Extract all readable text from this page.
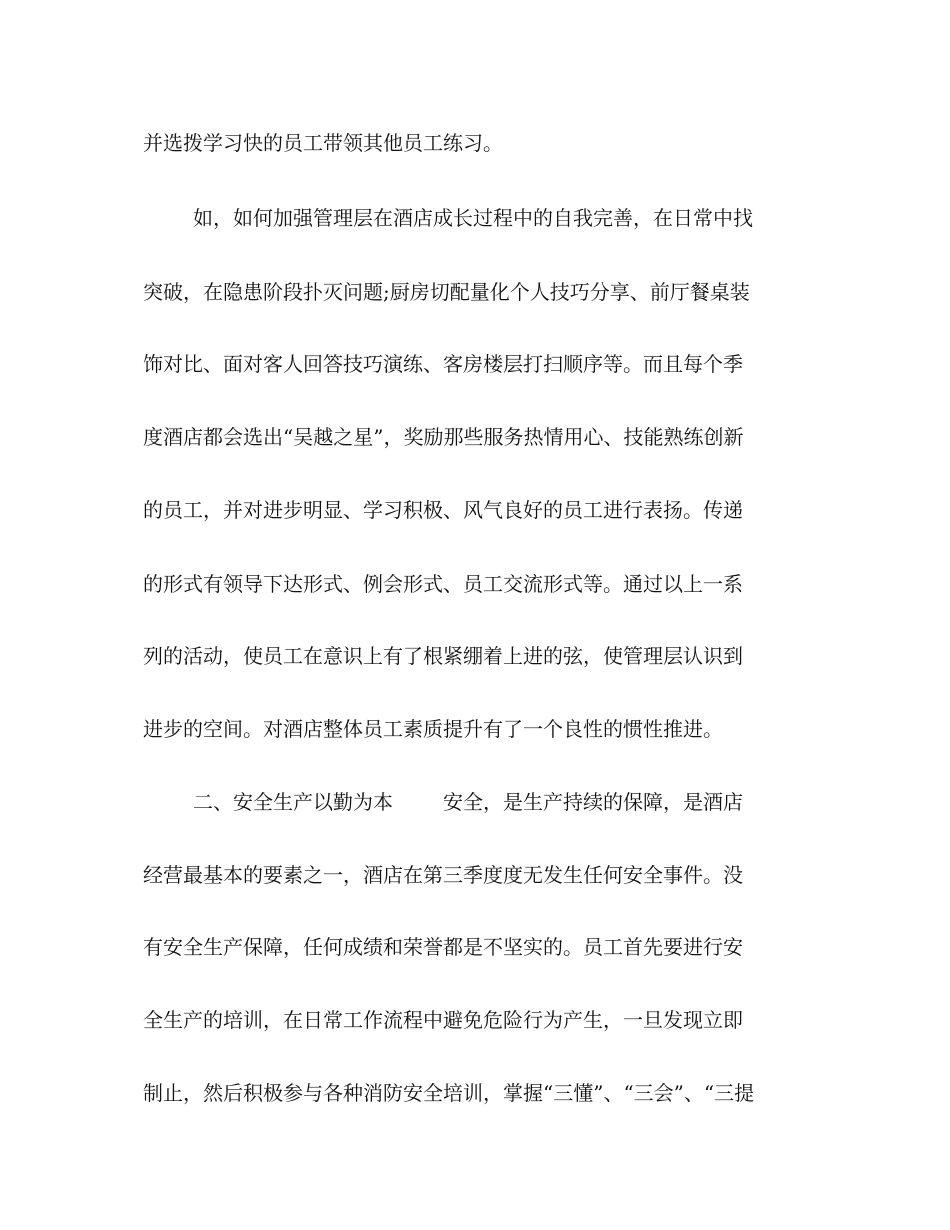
并选拨学习快的员工带领其他员工练习。
如，如何加强管理层在酒店成长过程中的自我完善，在日常中找
突破，在隐患阶段扑灭问题;厨房切配量化个人技巧分享、前厅餐桌装
饰对比、面对客人回答技巧演练、客房楼层打扫顺序等。而且每个季
度酒店都会选出“吴越之星”，奖励那些服务热情用心、技能熟练创新
的员工，并对进步明显、学习积极、风气良好的员工进行表扬。传递
的形式有领导下达形式、例会形式、员工交流形式等。通过以上一系
列的活动，使员工在意识上有了根紧绷着上进的弦，使管理层认识到
进步的空间。对酒店整体员工素质提升有了一个良性的惯性推进。
二、安全生产以勤为本	安全，是生产持续的保障，是酒店
经营最基本的要素之一，酒店在第三季度度无发生任何安全事件。没
有安全生产保障，任何成绩和荣誉都是不坚实的。员工首先要进行安
全生产的培训，在日常工作流程中避免危险行为产生，一旦发现立即
制止，然后积极参与各种消防安全培训，掌握“三懂”、“三会”、“三提
